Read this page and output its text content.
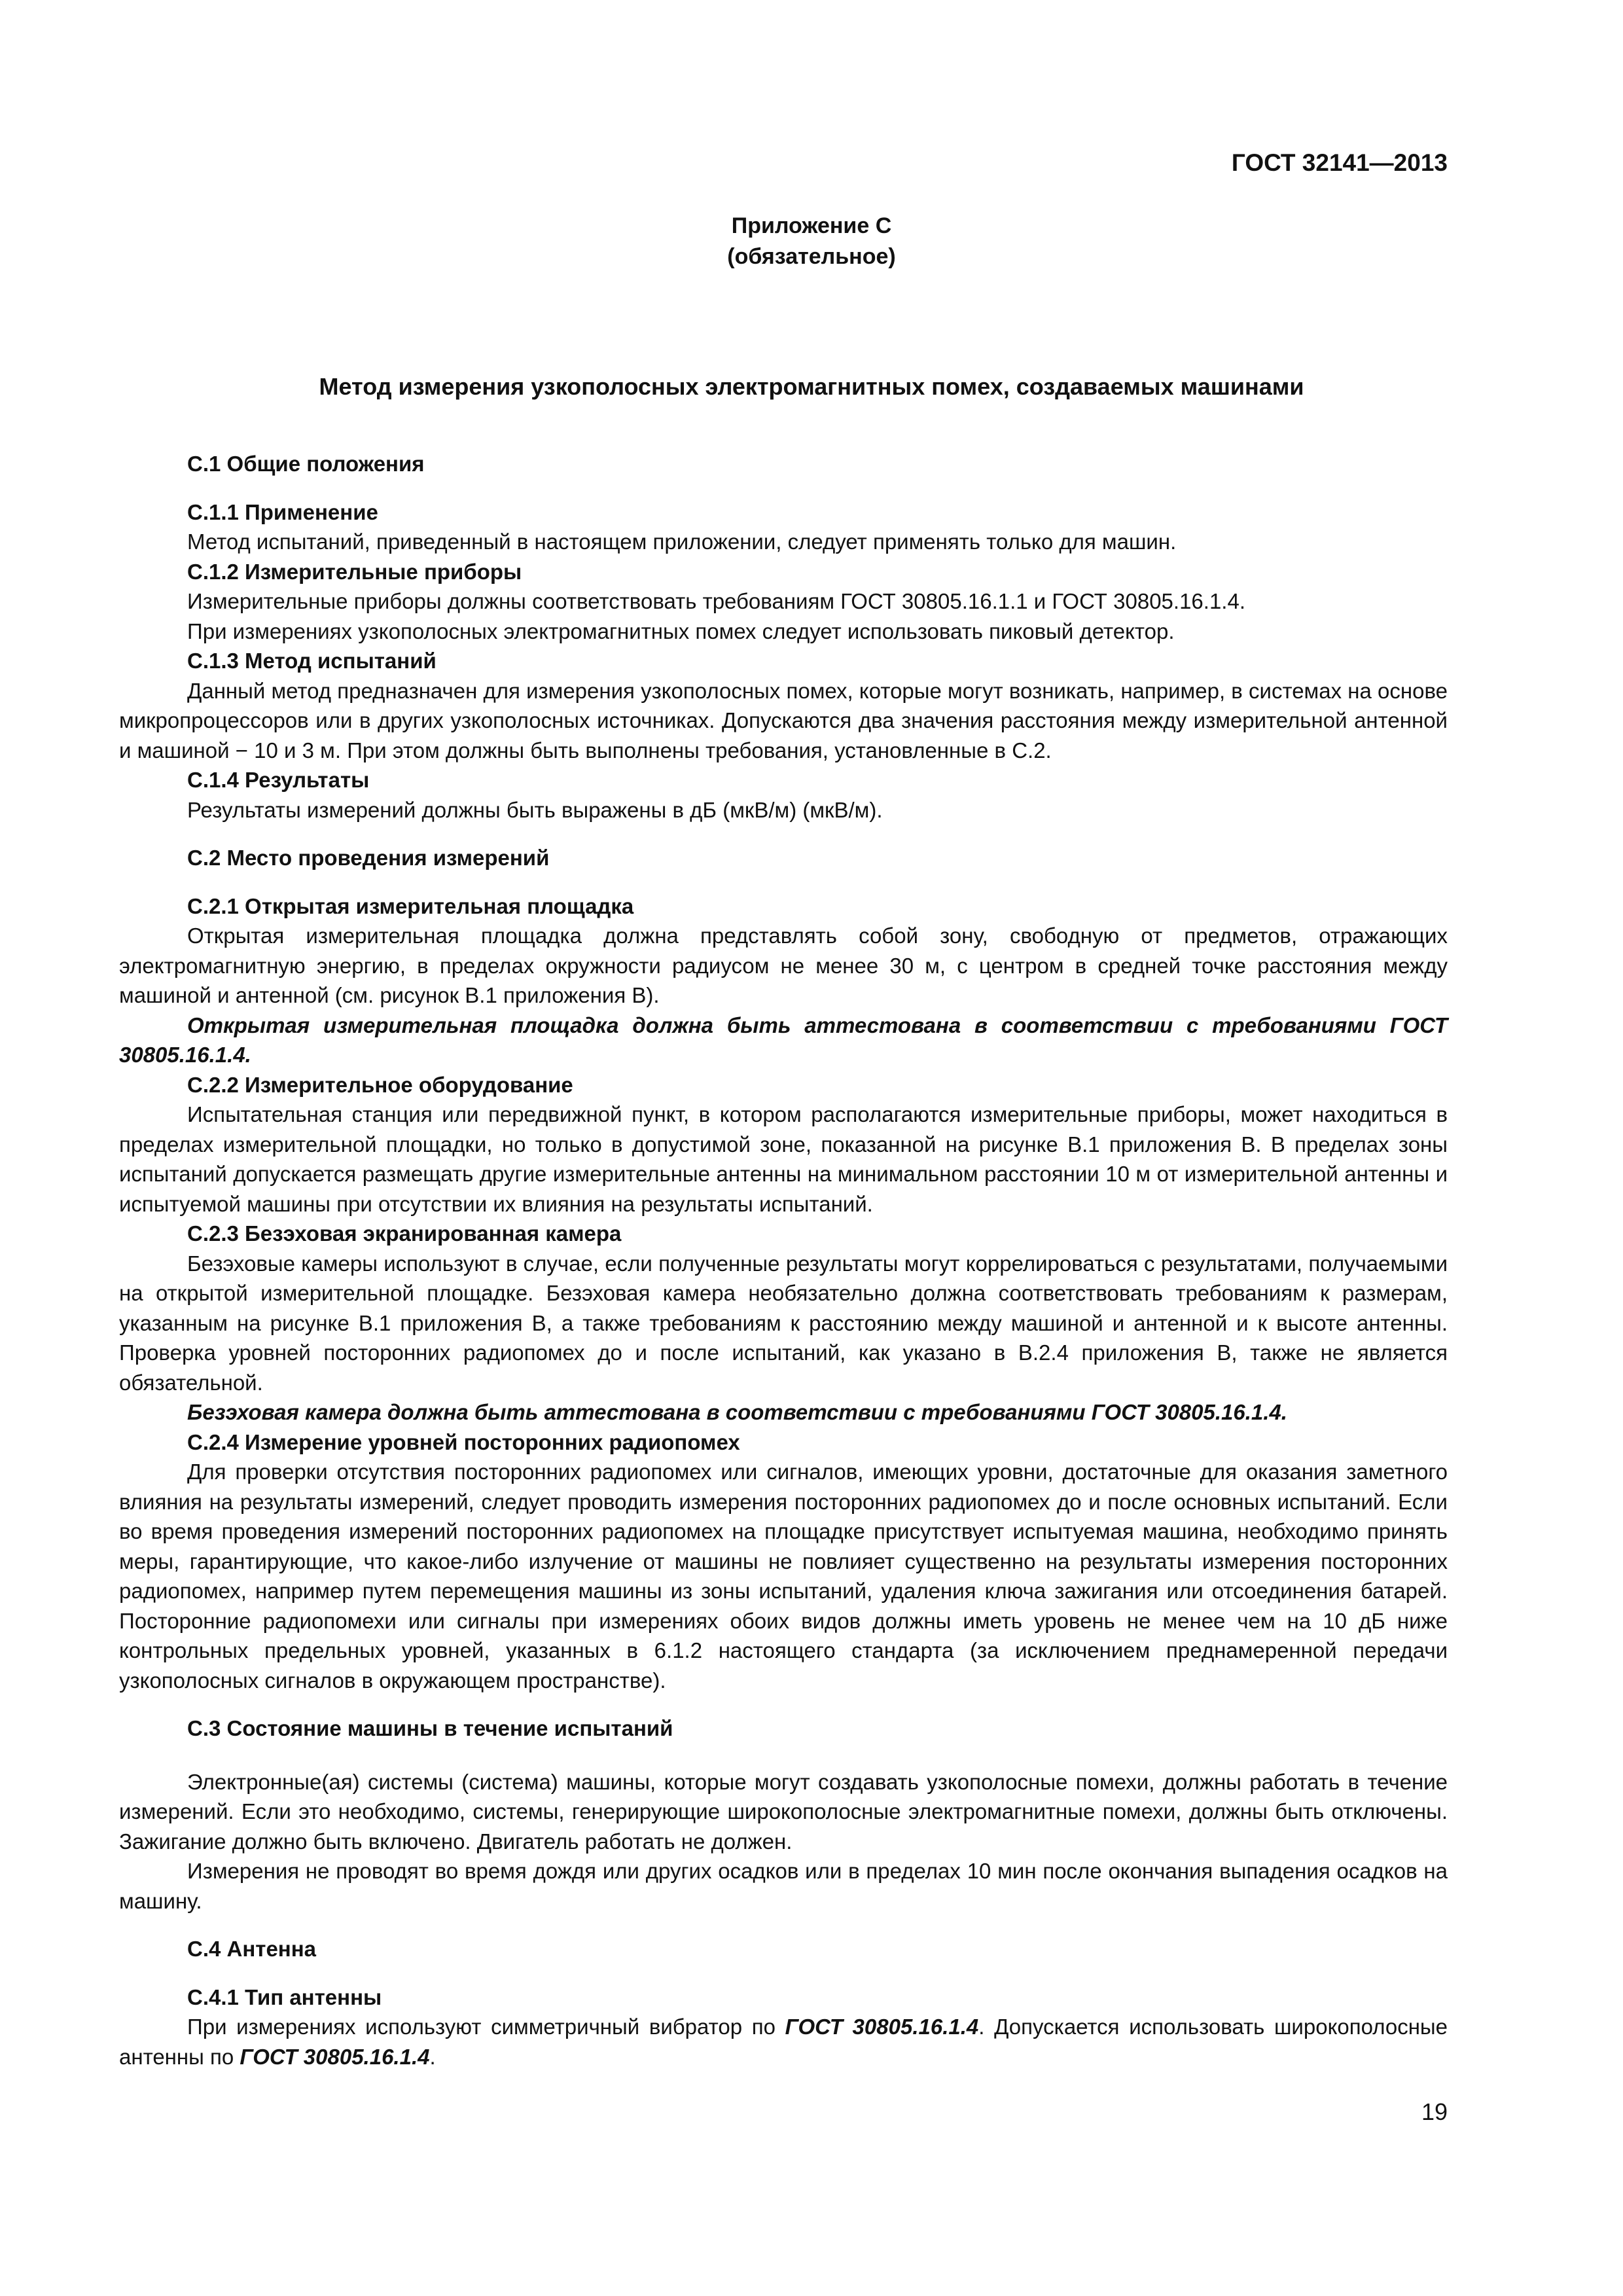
ГОСТ 32141—2013
Приложение С
(обязательное)
Метод измерения узкополосных электромагнитных помех, создаваемых машинами
С.1 Общие положения
С.1.1 Применение

Метод испытаний, приведенный в настоящем приложении, следует применять только для машин.

С.1.2 Измерительные приборы

Измерительные приборы должны соответствовать требованиям ГОСТ 30805.16.1.1 и ГОСТ 30805.16.1.4.

При измерениях узкополосных электромагнитных помех следует использовать пиковый детектор.

С.1.3 Метод испытаний

Данный метод предназначен для измерения узкополосных помех, которые могут возникать, например, в системах на основе микропроцессоров или в других узкополосных источниках. Допускаются два значения расстояния между измерительной антенной и машиной − 10 и 3 м. При этом должны быть выполнены требования, установленные в С.2.

С.1.4 Результаты

Результаты измерений должны быть выражены в дБ (мкВ/м) (мкВ/м).

С.2 Место проведения измерений
С.2.1 Открытая измерительная площадка

Открытая измерительная площадка должна представлять собой зону, свободную от предметов, отражающих электромагнитную энергию, в пределах окружности радиусом не менее 30 м, с центром в средней точке расстояния между машиной и антенной (см. рисунок В.1 приложения В).

Открытая измерительная площадка должна быть аттестована в соответствии с требованиями ГОСТ 30805.16.1.4.

С.2.2 Измерительное оборудование

Испытательная станция или передвижной пункт, в котором располагаются измерительные приборы, может находиться в пределах измерительной площадки, но только в допустимой зоне, показанной на рисунке В.1 приложения В. В пределах зоны испытаний допускается размещать другие измерительные антенны на минимальном расстоянии 10 м от измерительной антенны и испытуемой машины при отсутствии их влияния на результаты испытаний.

С.2.3 Безэховая экранированная камера

Безэховые камеры используют в случае, если полученные результаты могут коррелироваться с результатами, получаемыми на открытой измерительной площадке. Безэховая камера необязательно должна соответствовать требованиям к размерам, указанным на рисунке В.1 приложения В, а также требованиям к расстоянию между машиной и антенной и к высоте антенны. Проверка уровней посторонних радиопомех до и после испытаний, как указано в В.2.4 приложения В, также не является обязательной.

Безэховая камера должна быть аттестована в соответствии с требованиями ГОСТ 30805.16.1.4.

С.2.4 Измерение уровней посторонних радиопомех

Для проверки отсутствия посторонних радиопомех или сигналов, имеющих уровни, достаточные для оказания заметного влияния на результаты измерений, следует проводить измерения посторонних радиопомех до и после основных испытаний. Если во время проведения измерений посторонних радиопомех на площадке присутствует испытуемая машина, необходимо принять меры, гарантирующие, что какое-либо излучение от машины не повлияет существенно на результаты измерения посторонних радиопомех, например путем перемещения машины из зоны испытаний, удаления ключа зажигания или отсоединения батарей. Посторонние радиопомехи или сигналы при измерениях обоих видов должны иметь уровень не менее чем на 10 дБ ниже контрольных предельных уровней, указанных в 6.1.2 настоящего стандарта (за исключением преднамеренной передачи узкополосных сигналов в окружающем пространстве).

С.3 Состояние машины в течение испытаний

Электронные(ая) системы (система) машины, которые могут создавать узкополосные помехи, должны работать в течение измерений. Если это необходимо, системы, генерирующие широкополосные электромагнитные помехи, должны быть отключены. Зажигание должно быть включено. Двигатель работать не должен.

Измерения не проводят во время дождя или других осадков или в пределах 10 мин после окончания выпадения осадков на машину.

С.4 Антенна
С.4.1 Тип антенны

При измерениях используют симметричный вибратор по ГОСТ 30805.16.1.4. Допускается использовать широкополосные антенны по ГОСТ 30805.16.1.4.

19
